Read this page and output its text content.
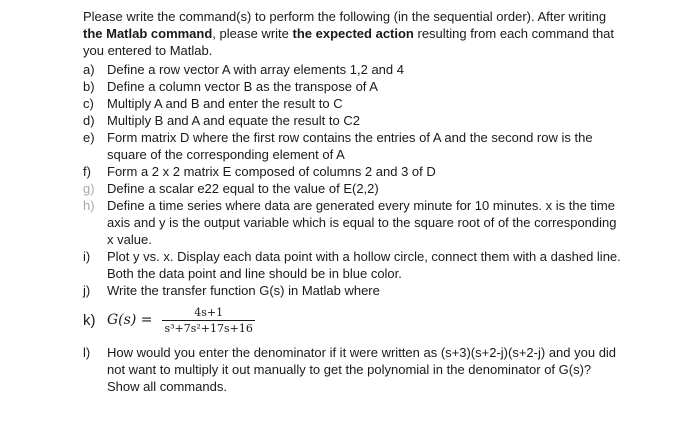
Please write the command(s) to perform the following (in the sequential order). After writing the Matlab command, please write the expected action resulting from each command that you entered to Matlab.

a) Define a row vector A with array elements 1,2 and 4
b) Define a column vector B as the transpose of A
c)	Multiply A and B and enter the result to C
d) Multiply B and A and equate the result to C2
e) Form matrix D where the first row contains the entries of A and the second row is the square of the corresponding element of A
f)	Form a 2 x 2 matrix E composed of columns 2 and 3 of D
g) Define a scalar e22 equal to the value of E(2,2)
h) Define a time series where data are generated every minute for 10 minutes. x is the time axis and y is the output variable which is equal to the square root of of the corresponding x value.
i)	Plot y vs. x. Display each data point with a hollow circle, connect them with a dashed line. Both the data point and line should be in blue color.
j)	Write the transfer function G(s) in Matlab where
k) $G(s) = \frac{4s+1}{\text{s³+7s²+17s+16}}$
l)	How would you enter the denominator if it were written as (s+3)(s+2-j)(s+2-j) and you did not want to multiply it out manually to get the polynomial in the denominator of G(s)? Show all commands.
